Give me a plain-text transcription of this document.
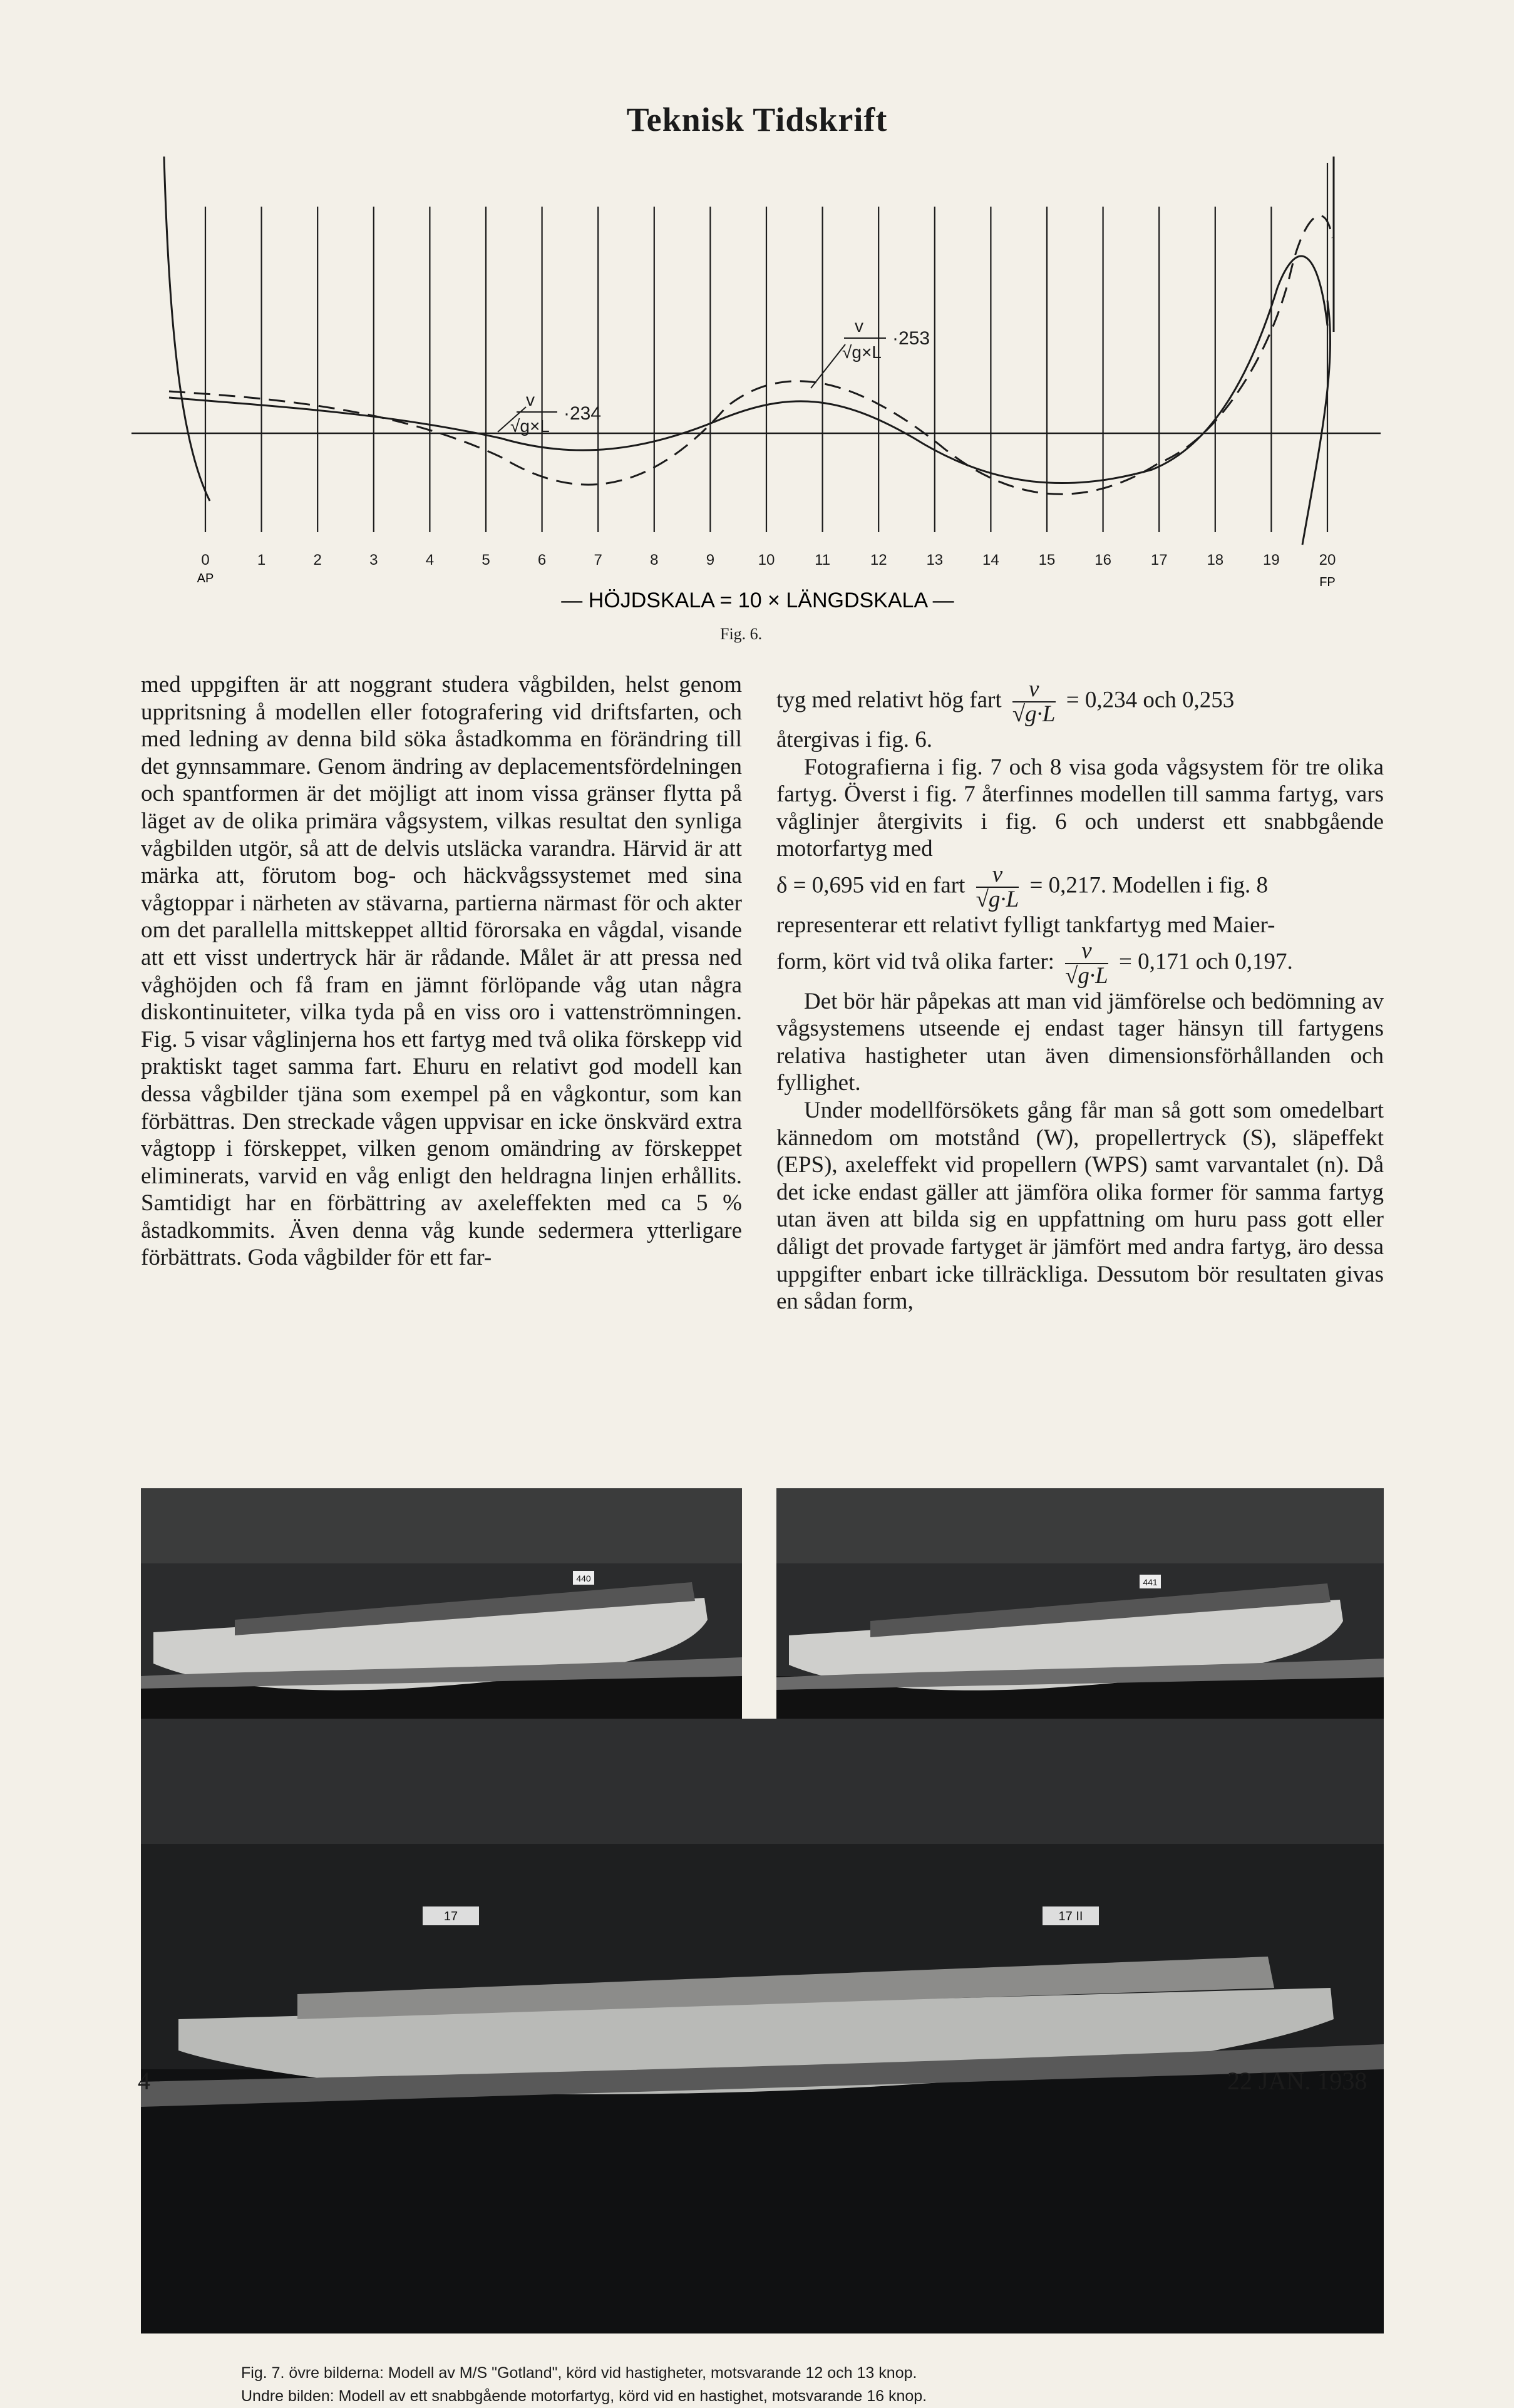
Teknisk Tidskrift
v
√g×L
·234
v
√g×L
·253
0	1	2	3	4	5	6	7	8	9	10	11	12	13	14	15	16	17	18	19	20
AP	FP
— HÖJDSKALA = 10 × LÄNGDSKALA —
Fig. 6.

med uppgiften är att noggrant studera vågbilden, helst genom uppritsning å modellen eller fotografering vid driftsfarten, och med ledning av denna bild söka åstadkomma en förändring till det gynnsammare. Genom ändring av deplacementsfördelningen och spantformen är det möjligt att inom vissa gränser flytta på läget av de olika primära vågsystem, vilkas resultat den synliga vågbilden utgör, så att de delvis utsläcka varandra. Härvid är att märka att, förutom bog- och häckvågssystemet med sina vågtoppar i närheten av stävarna, partierna närmast för och akter om det parallella mittskeppet alltid förorsaka en vågdal, visande att ett visst undertryck här är rådande. Målet är att pressa ned våghöjden och få fram en jämnt förlöpande våg utan några diskontinuiteter, vilka tyda på en viss oro i vattenströmningen. Fig. 5 visar våglinjerna hos ett fartyg med två olika förskepp vid praktiskt taget samma fart. Ehuru en relativt god modell kan dessa vågbilder tjäna som exempel på en vågkontur, som kan förbättras. Den streckade vågen uppvisar en icke önskvärd extra vågtopp i förskeppet, vilken genom omändring av förskeppet eliminerats, varvid en våg enligt den heldragna linjen erhållits. Samtidigt har en förbättring av axeleffekten med ca 5 % åstadkommits. Även denna våg kunde sedermera ytterligare förbättrats. Goda vågbilder för ett far-

tyg med relativt hög fart $\frac{v}{√g\cdot L} = 0,234$ och 0,253

återgivas i fig. 6.

Fotografierna i fig. 7 och 8 visa goda vågsystem för tre olika fartyg. Överst i fig. 7 återfinnes modellen till samma fartyg, vars våglinjer återgivits i fig. 6 och underst ett snabbgående motorfartyg med

δ = 0,695 vid en fart $\frac{v}{√g\cdot L} = 0,217$. Modellen i fig. 8

representerar ett relativt fylligt tankfartyg med Maier-

form, kört vid två olika farter: $\frac{v}{√g\cdot L} = 0,171$ och 0,197.

Det bör här påpekas att man vid jämförelse och bedömning av vågsystemens utseende ej endast tager hänsyn till fartygens relativa hastigheter utan även dimensionsförhållanden och fyllighet.

Under modellförsökets gång får man så gott som omedelbart kännedom om motstånd (W), propellertryck (S), släpeffekt (EPS), axeleffekt vid propellern (WPS) samt varvantalet (n). Då det icke endast gäller att jämföra olika former för samma fartyg utan även att bilda sig en uppfattning om huru pass gott eller dåligt det provade fartyget är jämfört med andra fartyg, äro dessa uppgifter enbart icke tillräckliga. Dessutom bör resultaten givas en sådan form,

440	441
17	17 II
Fig. 7. övre bilderna: Modell av M/S "Gotland", körd vid hastigheter, motsvarande 12 och 13 knop.
Undre bilden: Modell av ett snabbgående motorfartyg, körd vid en hastighet, motsvarande 16 knop.
4	22 JAN. 1938
